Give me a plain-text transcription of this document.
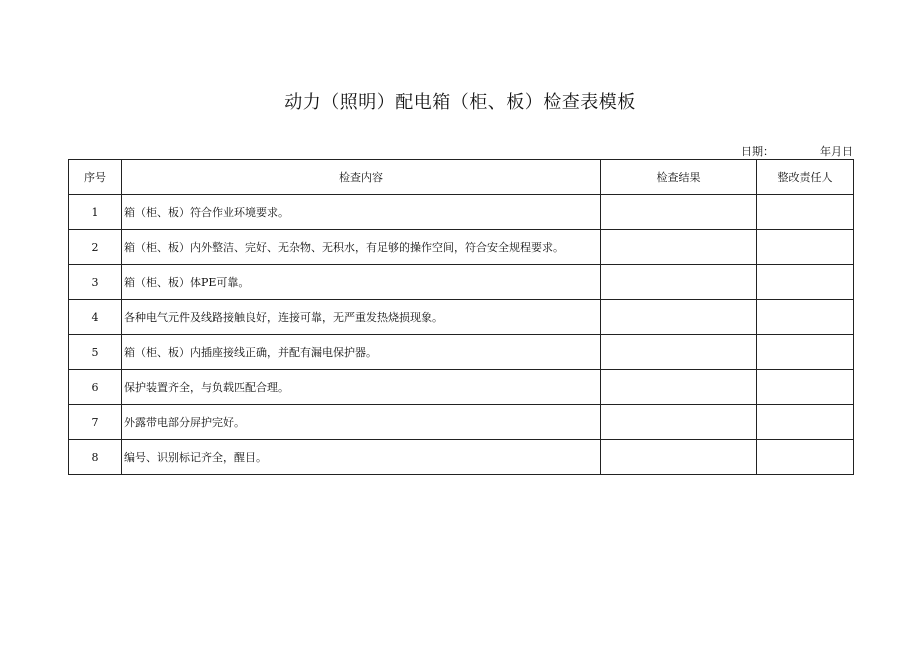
动力（照明）配电箱（柜、板）检查表模板
日期：	年月日
序号	检查内容	检查结果	整改责任人
1	箱（柜、板）符合作业环境要求。		
2	箱（柜、板）内外整洁、完好、无杂物、无积水，有足够的操作空间，符合安全规程要求。		
3	箱（柜、板）体PE可靠。		
4	各种电气元件及线路接触良好，连接可靠，无严重发热烧损现象。		
5	箱（柜、板）内插座接线正确，并配有漏电保护器。		
6	保护装置齐全，与负载匹配合理。		
7	外露带电部分屏护完好。		
8	编号、识别标记齐全，醒目。		
